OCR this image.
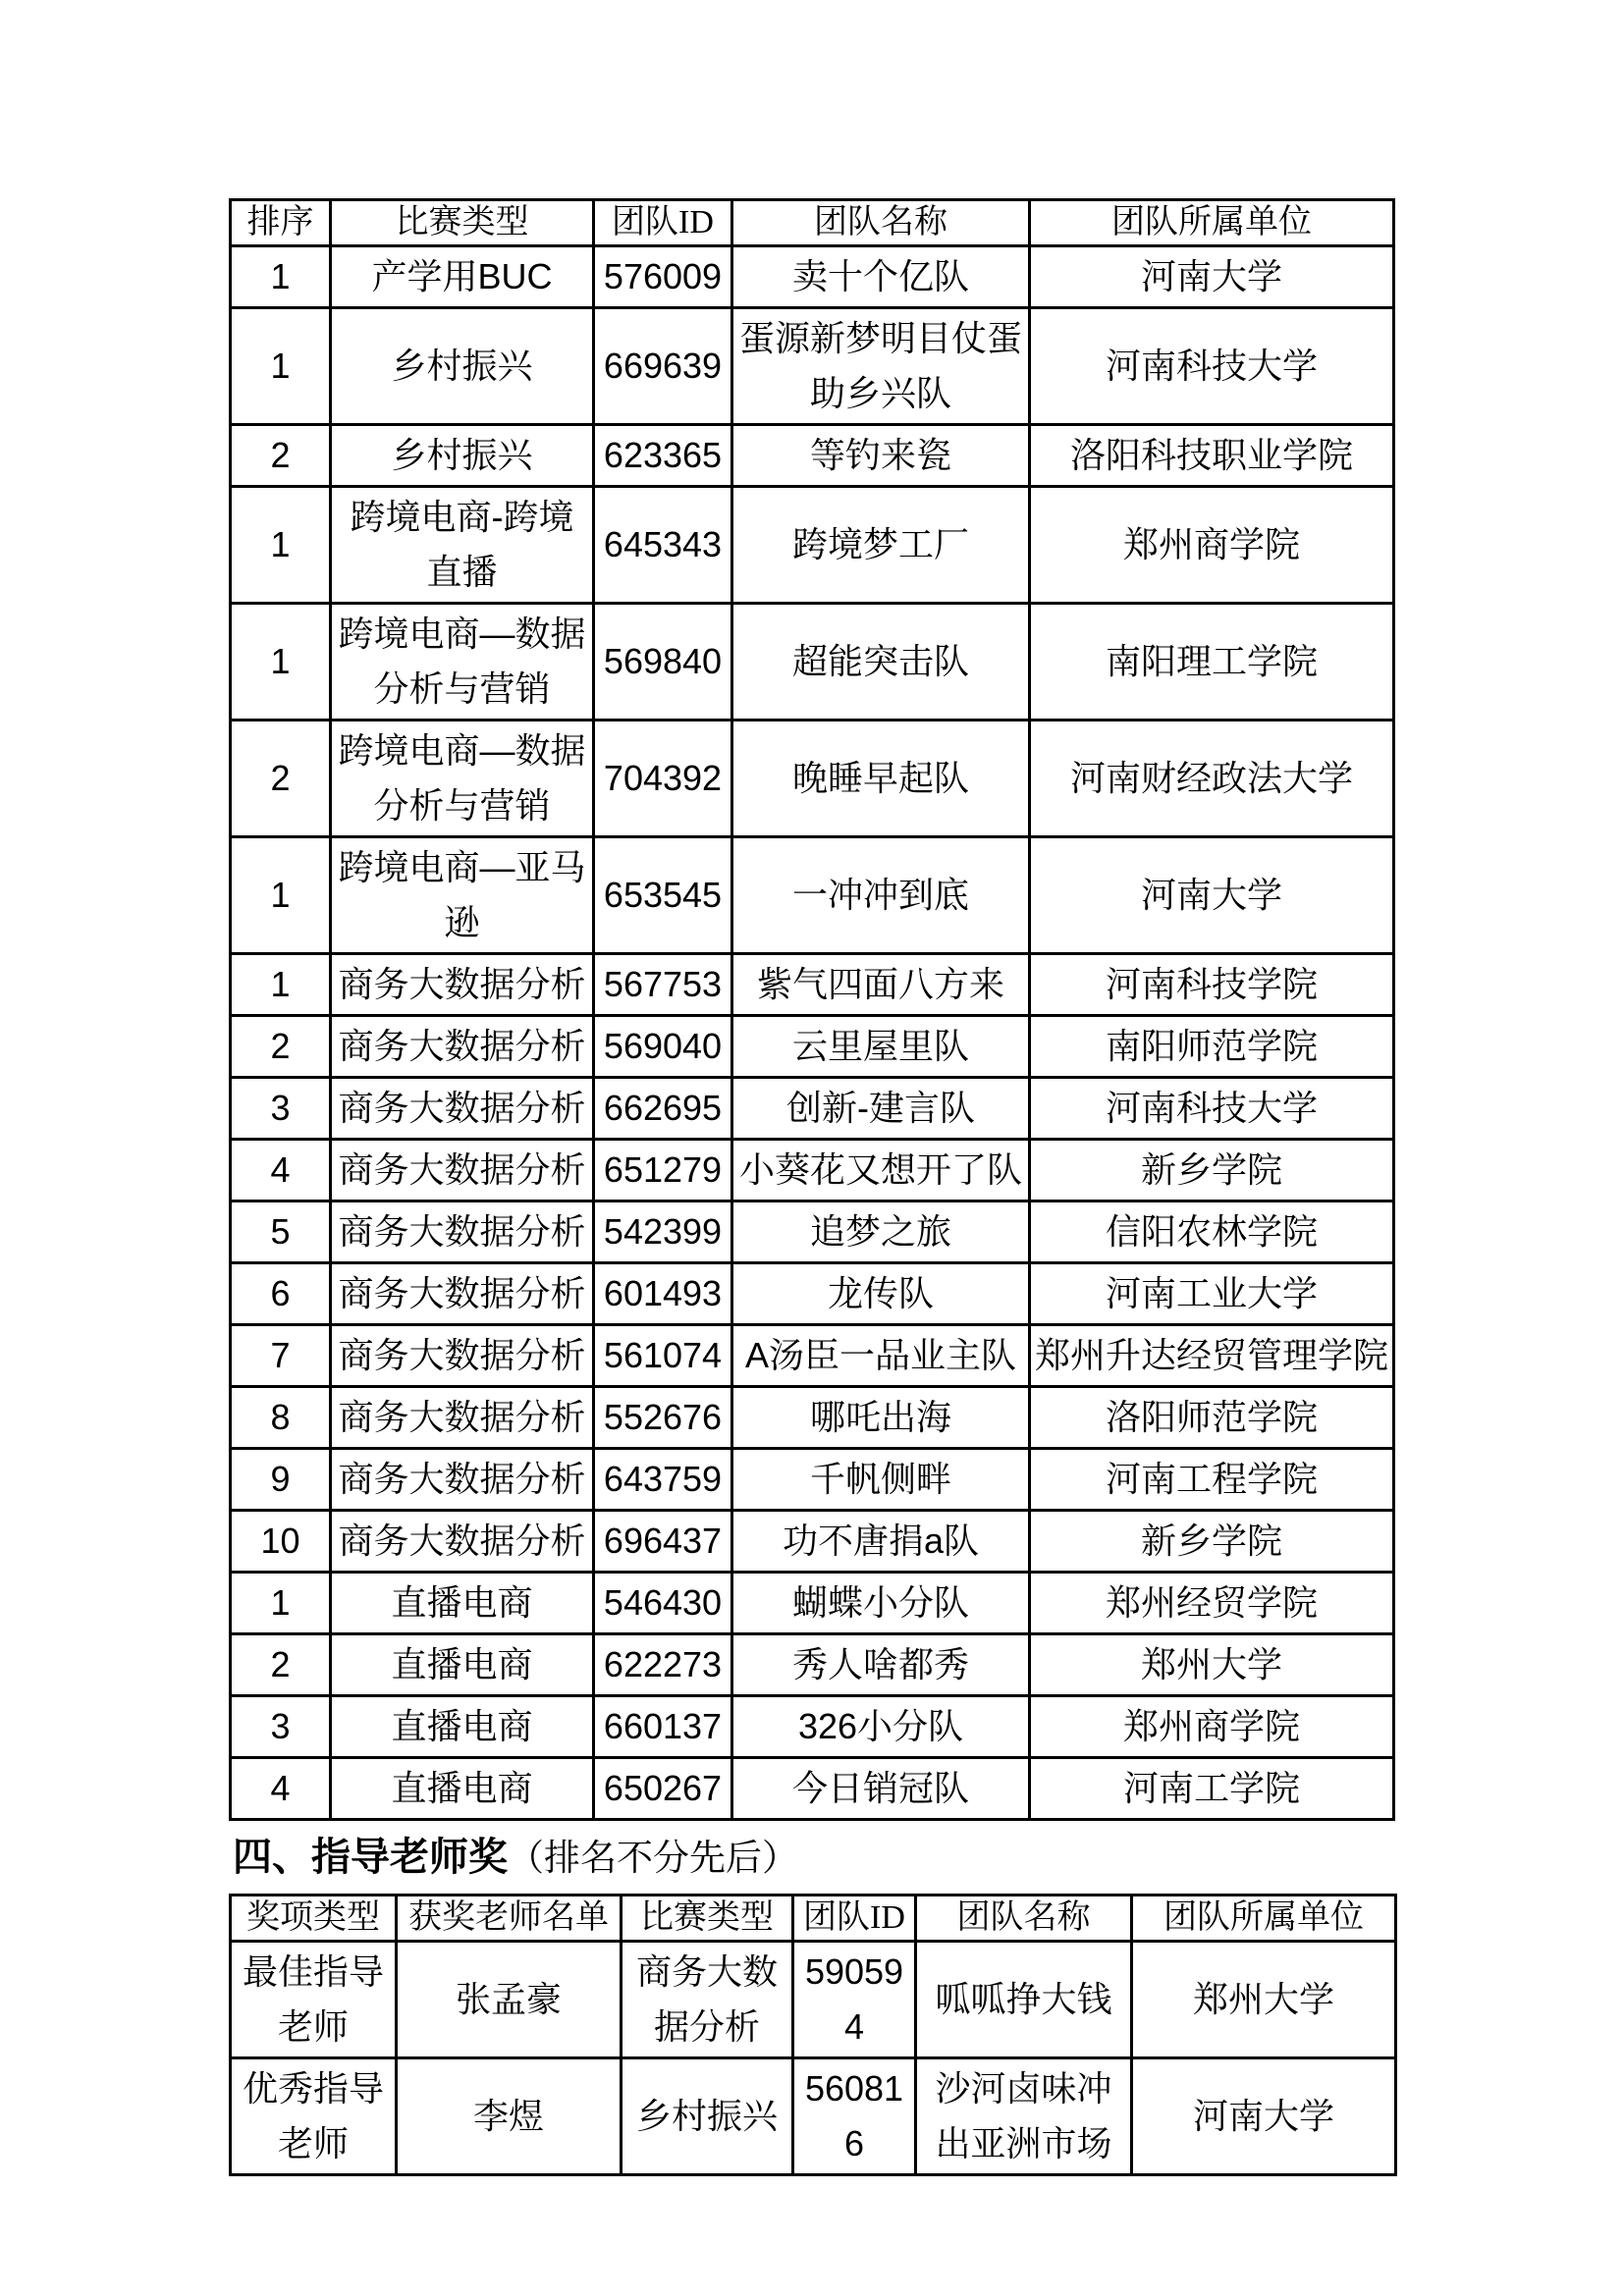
排序	比赛类型	团队ID	团队名称	团队所属单位
1	产学用BUC	576009	卖十个亿队	河南大学
1	乡村振兴	669639	蛋源新梦明目仗蛋助乡兴队	河南科技大学
2	乡村振兴	623365	等钓来瓷	洛阳科技职业学院
1	跨境电商-跨境直播	645343	跨境梦工厂	郑州商学院
1	跨境电商—数据分析与营销	569840	超能突击队	南阳理工学院
2	跨境电商—数据分析与营销	704392	晚睡早起队	河南财经政法大学
1	跨境电商—亚马逊	653545	一冲冲到底	河南大学
1	商务大数据分析	567753	紫气四面八方来	河南科技学院
2	商务大数据分析	569040	云里屋里队	南阳师范学院
3	商务大数据分析	662695	创新-建言队	河南科技大学
4	商务大数据分析	651279	小葵花又想开了队	新乡学院
5	商务大数据分析	542399	追梦之旅	信阳农林学院
6	商务大数据分析	601493	龙传队	河南工业大学
7	商务大数据分析	561074	A汤臣一品业主队	郑州升达经贸管理学院
8	商务大数据分析	552676	哪吒出海	洛阳师范学院
9	商务大数据分析	643759	千帆侧畔	河南工程学院
10	商务大数据分析	696437	功不唐捐a队	新乡学院
1	直播电商	546430	蝴蝶小分队	郑州经贸学院
2	直播电商	622273	秀人啥都秀	郑州大学
3	直播电商	660137	326小分队	郑州商学院
4	直播电商	650267	今日销冠队	河南工学院
四、指导老师奖（排名不分先后）
奖项类型	获奖老师名单	比赛类型	团队ID	团队名称	团队所属单位
最佳指导老师	张孟豪	商务大数据分析	590594	呱呱挣大钱	郑州大学
优秀指导老师	李煜	乡村振兴	560816	沙河卤味冲出亚洲市场	河南大学
